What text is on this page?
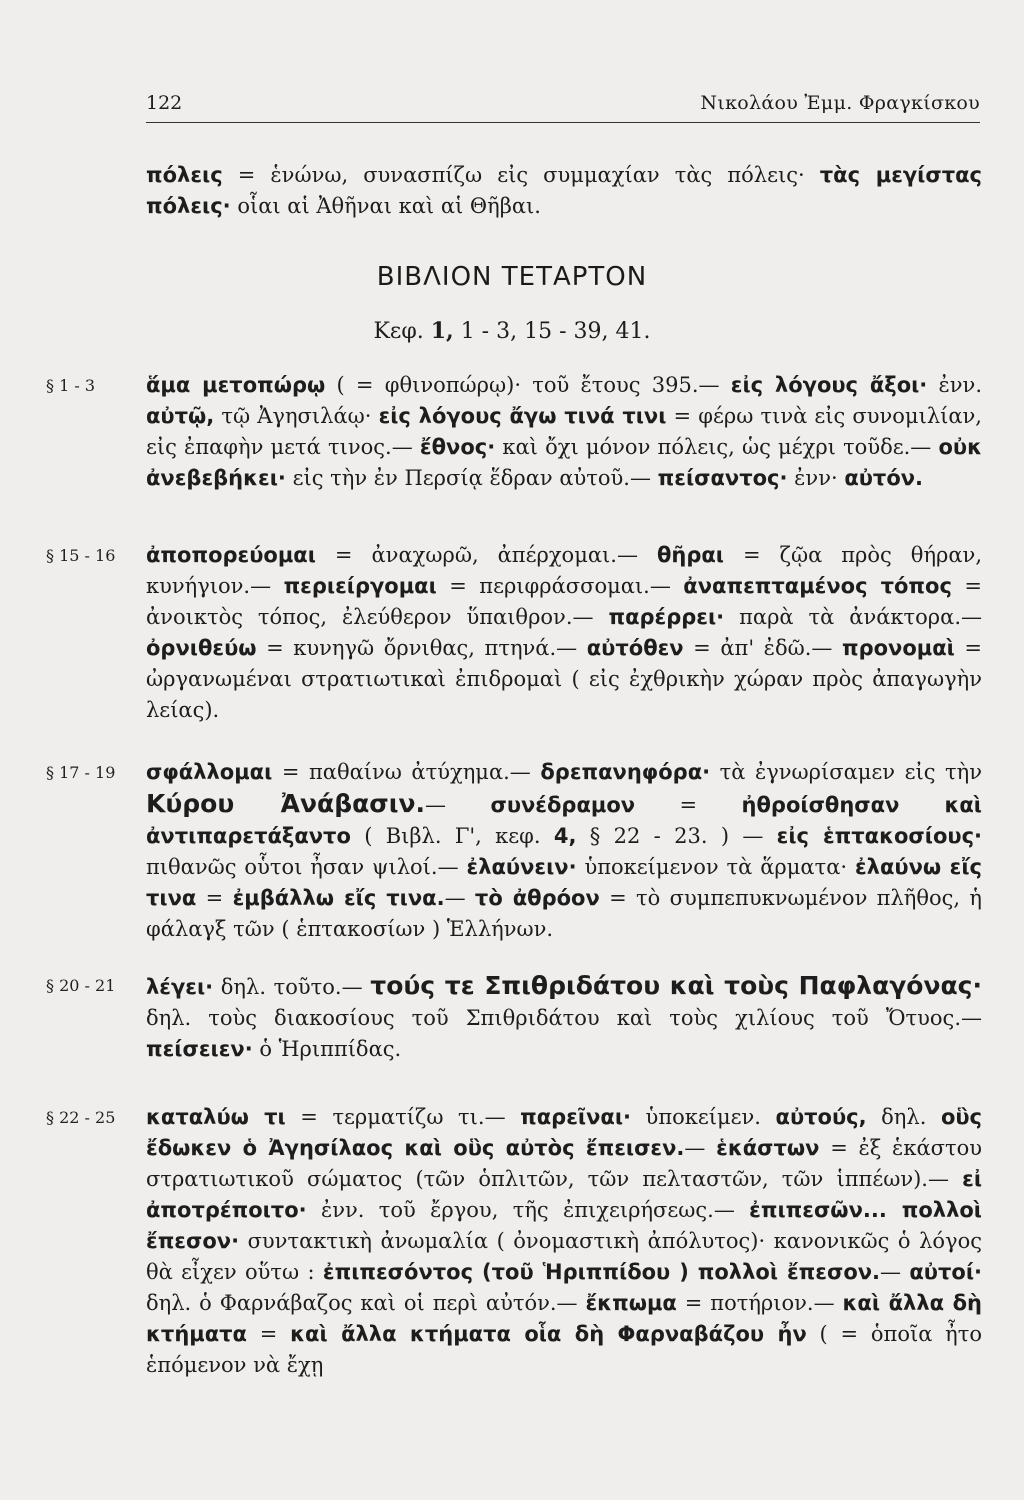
122	Νικολάου Ἐμμ. Φραγκίσκου
πόλεις = ἑνώνω, συνασπίζω εἰς συμμαχίαν τὰς πόλεις· τὰς μεγίστας πόλεις· οἷαι αἱ Ἀθῆναι καὶ αἱ Θῆβαι.
ΒΙΒΛΙΟΝ ΤΕΤΑΡΤΟΝ
Κεφ. 1, 1 - 3, 15 - 39, 41.
§ 1 - 3	ἅμα μετοπώρῳ ( = φθινοπώρῳ)· τοῦ ἔτους 395.— εἰς λόγους ἄξοι· ἐνν. αὐτῷ, τῷ Ἀγησιλάῳ· εἰς λόγους ἄγω τινά τινι = φέρω τινὰ εἰς συνομιλίαν, εἰς ἐπαφὴν μετά τινος.— ἔθνος· καὶ ὄχι μόνον πόλεις, ὡς μέχρι τοῦδε.— οὐκ ἀνεβεβήκει· εἰς τὴν ἐν Περσίᾳ ἕδραν αὐτοῦ.— πείσαντος· ἐνν· αὐτόν.

§ 15 - 16	ἀποπορεύομαι = ἀναχωρῶ, ἀπέρχομαι.— θῆραι = ζῷα πρὸς θήραν, κυνήγιον.— περιείργομαι = περιφράσσομαι.— ἀναπεπταμένος τόπος = ἀνοικτὸς τόπος, ἐλεύθερον ὕπαιθρον.— παρέρρει· παρὰ τὰ ἀνάκτορα.— ὀρνιθεύω = κυνηγῶ ὄρνιθας, πτηνά.— αὐτόθεν = ἀπ' ἐδῶ.— προνομαὶ = ὠργανωμέναι στρατιωτικαὶ ἐπιδρομαὶ ( εἰς ἐχθρικὴν χώραν πρὸς ἀπαγωγὴν λείας).

§ 17 - 19	σφάλλομαι = παθαίνω ἀτύχημα.— δρεπανηφόρα· τὰ ἐγνωρίσαμεν εἰς τὴν Κύρου Ἀνάβασιν.— συνέδραμον = ἠθροίσθησαν καὶ ἀντιπαρετάξαντο ( Βιβλ. Γ', κεφ. 4, § 22 - 23. ) — εἰς ἑπτακοσίους· πιθανῶς οὗτοι ἦσαν ψιλοί.— ἐλαύνειν· ὑποκείμενον τὰ ἅρματα· ἐλαύνω εἴς τινα = ἐμβάλλω εἴς τινα.— τὸ ἀθρόον = τὸ συμπεπυκνωμένον πλῆθος, ἡ φάλαγξ τῶν ( ἑπτακοσίων ) Ἑλλήνων.

§ 20 - 21	λέγει· δηλ. τοῦτο.— τούς τε Σπιθριδάτου καὶ τοὺς Παφλαγόνας· δηλ. τοὺς διακοσίους τοῦ Σπιθριδάτου καὶ τοὺς χιλίους τοῦ Ὄτυος.— πείσειεν· ὁ Ἡριππίδας.

§ 22 - 25	καταλύω τι = τερματίζω τι.— παρεῖναι· ὑποκείμεν. αὐτούς, δηλ. οὓς ἔδωκεν ὁ Ἀγησίλαος καὶ οὓς αὐτὸς ἔπεισεν.— ἑκάστων = ἐξ ἑκάστου στρατιωτικοῦ σώματος (τῶν ὁπλιτῶν, τῶν πελταστῶν, τῶν ἱππέων).— εἰ ἀποτρέποιτο· ἐνν. τοῦ ἔργου, τῆς ἐπιχειρήσεως.— ἐπιπεσῶν... πολλοὶ ἔπεσον· συντακτικὴ ἀνωμαλία ( ὀνομαστικὴ ἀπόλυτος)· κανονικῶς ὁ λόγος θὰ εἶχεν οὕτω : ἐπιπεσόντος (τοῦ Ἡριππίδου ) πολλοὶ ἔπεσον.— αὐτοί· δηλ. ὁ Φαρνάβαζος καὶ οἱ περὶ αὐτόν.— ἔκπωμα = ποτήριον.— καὶ ἄλλα δὴ κτήματα = καὶ ἄλλα κτήματα οἷα δὴ Φαρναβάζου ἦν ( = ὁποῖα ἦτο ἑπόμενον νὰ ἔχῃ
